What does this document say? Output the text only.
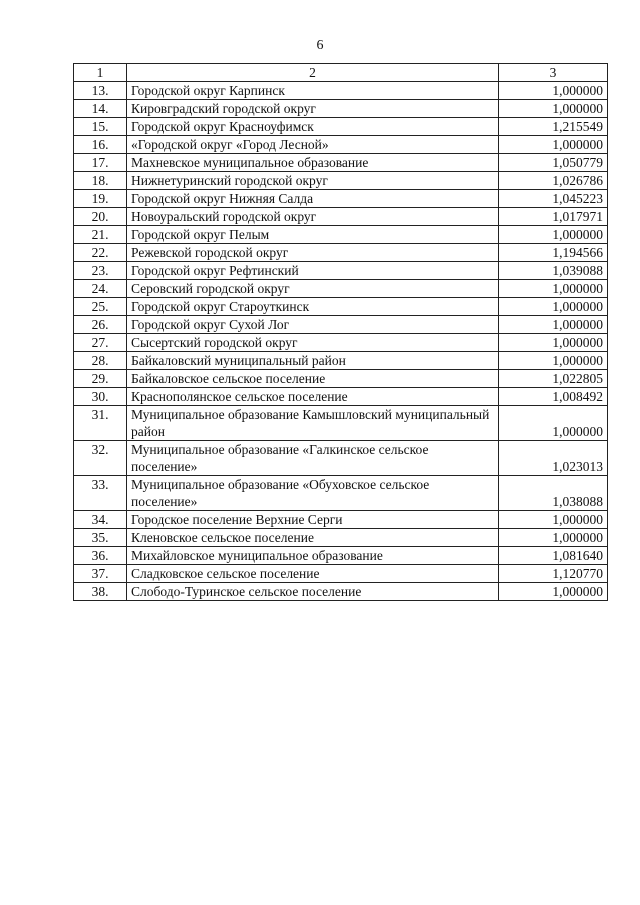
6
1	2	3
13.	Городской округ Карпинск	1,000000
14.	Кировградский городской округ	1,000000
15.	Городской округ Красноуфимск	1,215549
16.	«Городской округ «Город Лесной»	1,000000
17.	Махневское муниципальное образование	1,050779
18.	Нижнетуринский городской округ	1,026786
19.	Городской округ Нижняя Салда	1,045223
20.	Новоуральский городской округ	1,017971
21.	Городской округ Пелым	1,000000
22.	Режевской городской округ	1,194566
23.	Городской округ Рефтинский	1,039088
24.	Серовский городской округ	1,000000
25.	Городской округ Староуткинск	1,000000
26.	Городской округ Сухой Лог	1,000000
27.	Сысертский городской округ	1,000000
28.	Байкаловский муниципальный район	1,000000
29.	Байкаловское сельское поселение	1,022805
30.	Краснополянское сельское поселение	1,008492
31.	Муниципальное образование Камышловский муниципальный район	1,000000
32.	Муниципальное образование «Галкинское сельское поселение»	1,023013
33.	Муниципальное образование «Обуховское сельское поселение»	1,038088
34.	Городское поселение Верхние Серги	1,000000
35.	Кленовское сельское поселение	1,000000
36.	Михайловское муниципальное образование	1,081640
37.	Сладковское сельское поселение	1,120770
38.	Слободо-Туринское сельское поселение	1,000000
